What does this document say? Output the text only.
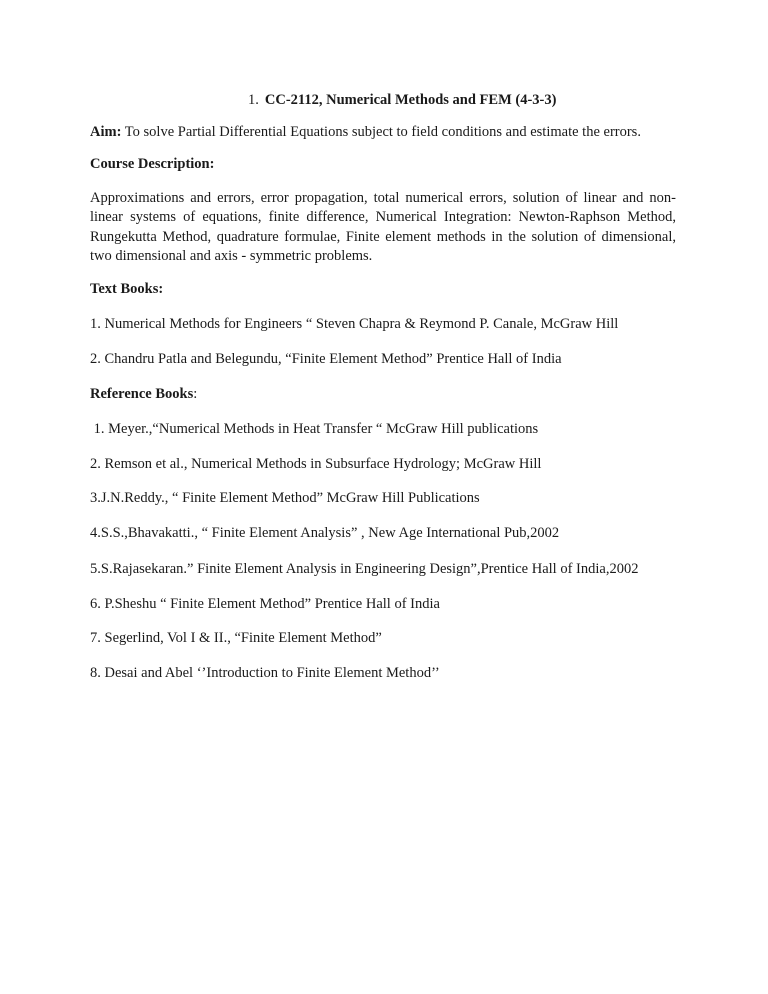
1. CC-2112, Numerical Methods and FEM (4-3-3)
Aim: To solve Partial Differential Equations subject to field conditions and estimate the errors.
Course Description:
Approximations and errors, error propagation, total numerical errors, solution of linear and non-
linear systems of equations, finite difference, Numerical Integration: Newton-Raphson Method,
Rungekutta Method, quadrature formulae, Finite element methods in the solution of dimensional,
two dimensional and axis - symmetric problems.
Text Books:
1. Numerical Methods for Engineers “ Steven Chapra & Reymond P. Canale, McGraw Hill
2. Chandru Patla and Belegundu, “Finite Element Method” Prentice Hall of India
Reference Books:
1. Meyer.,“Numerical Methods in Heat Transfer “ McGraw Hill publications
2. Remson et al., Numerical Methods in Subsurface Hydrology; McGraw Hill
3.J.N.Reddy., “ Finite Element Method” McGraw Hill Publications
4.S.S.,Bhavakatti., “ Finite Element Analysis” , New Age International Pub,2002
5.S.Rajasekaran.” Finite Element Analysis in Engineering Design”,Prentice Hall of India,2002
6. P.Sheshu “ Finite Element Method” Prentice Hall of India
7. Segerlind, Vol I & II., “Finite Element Method”
8. Desai and Abel ‘’Introduction to Finite Element Method’’
